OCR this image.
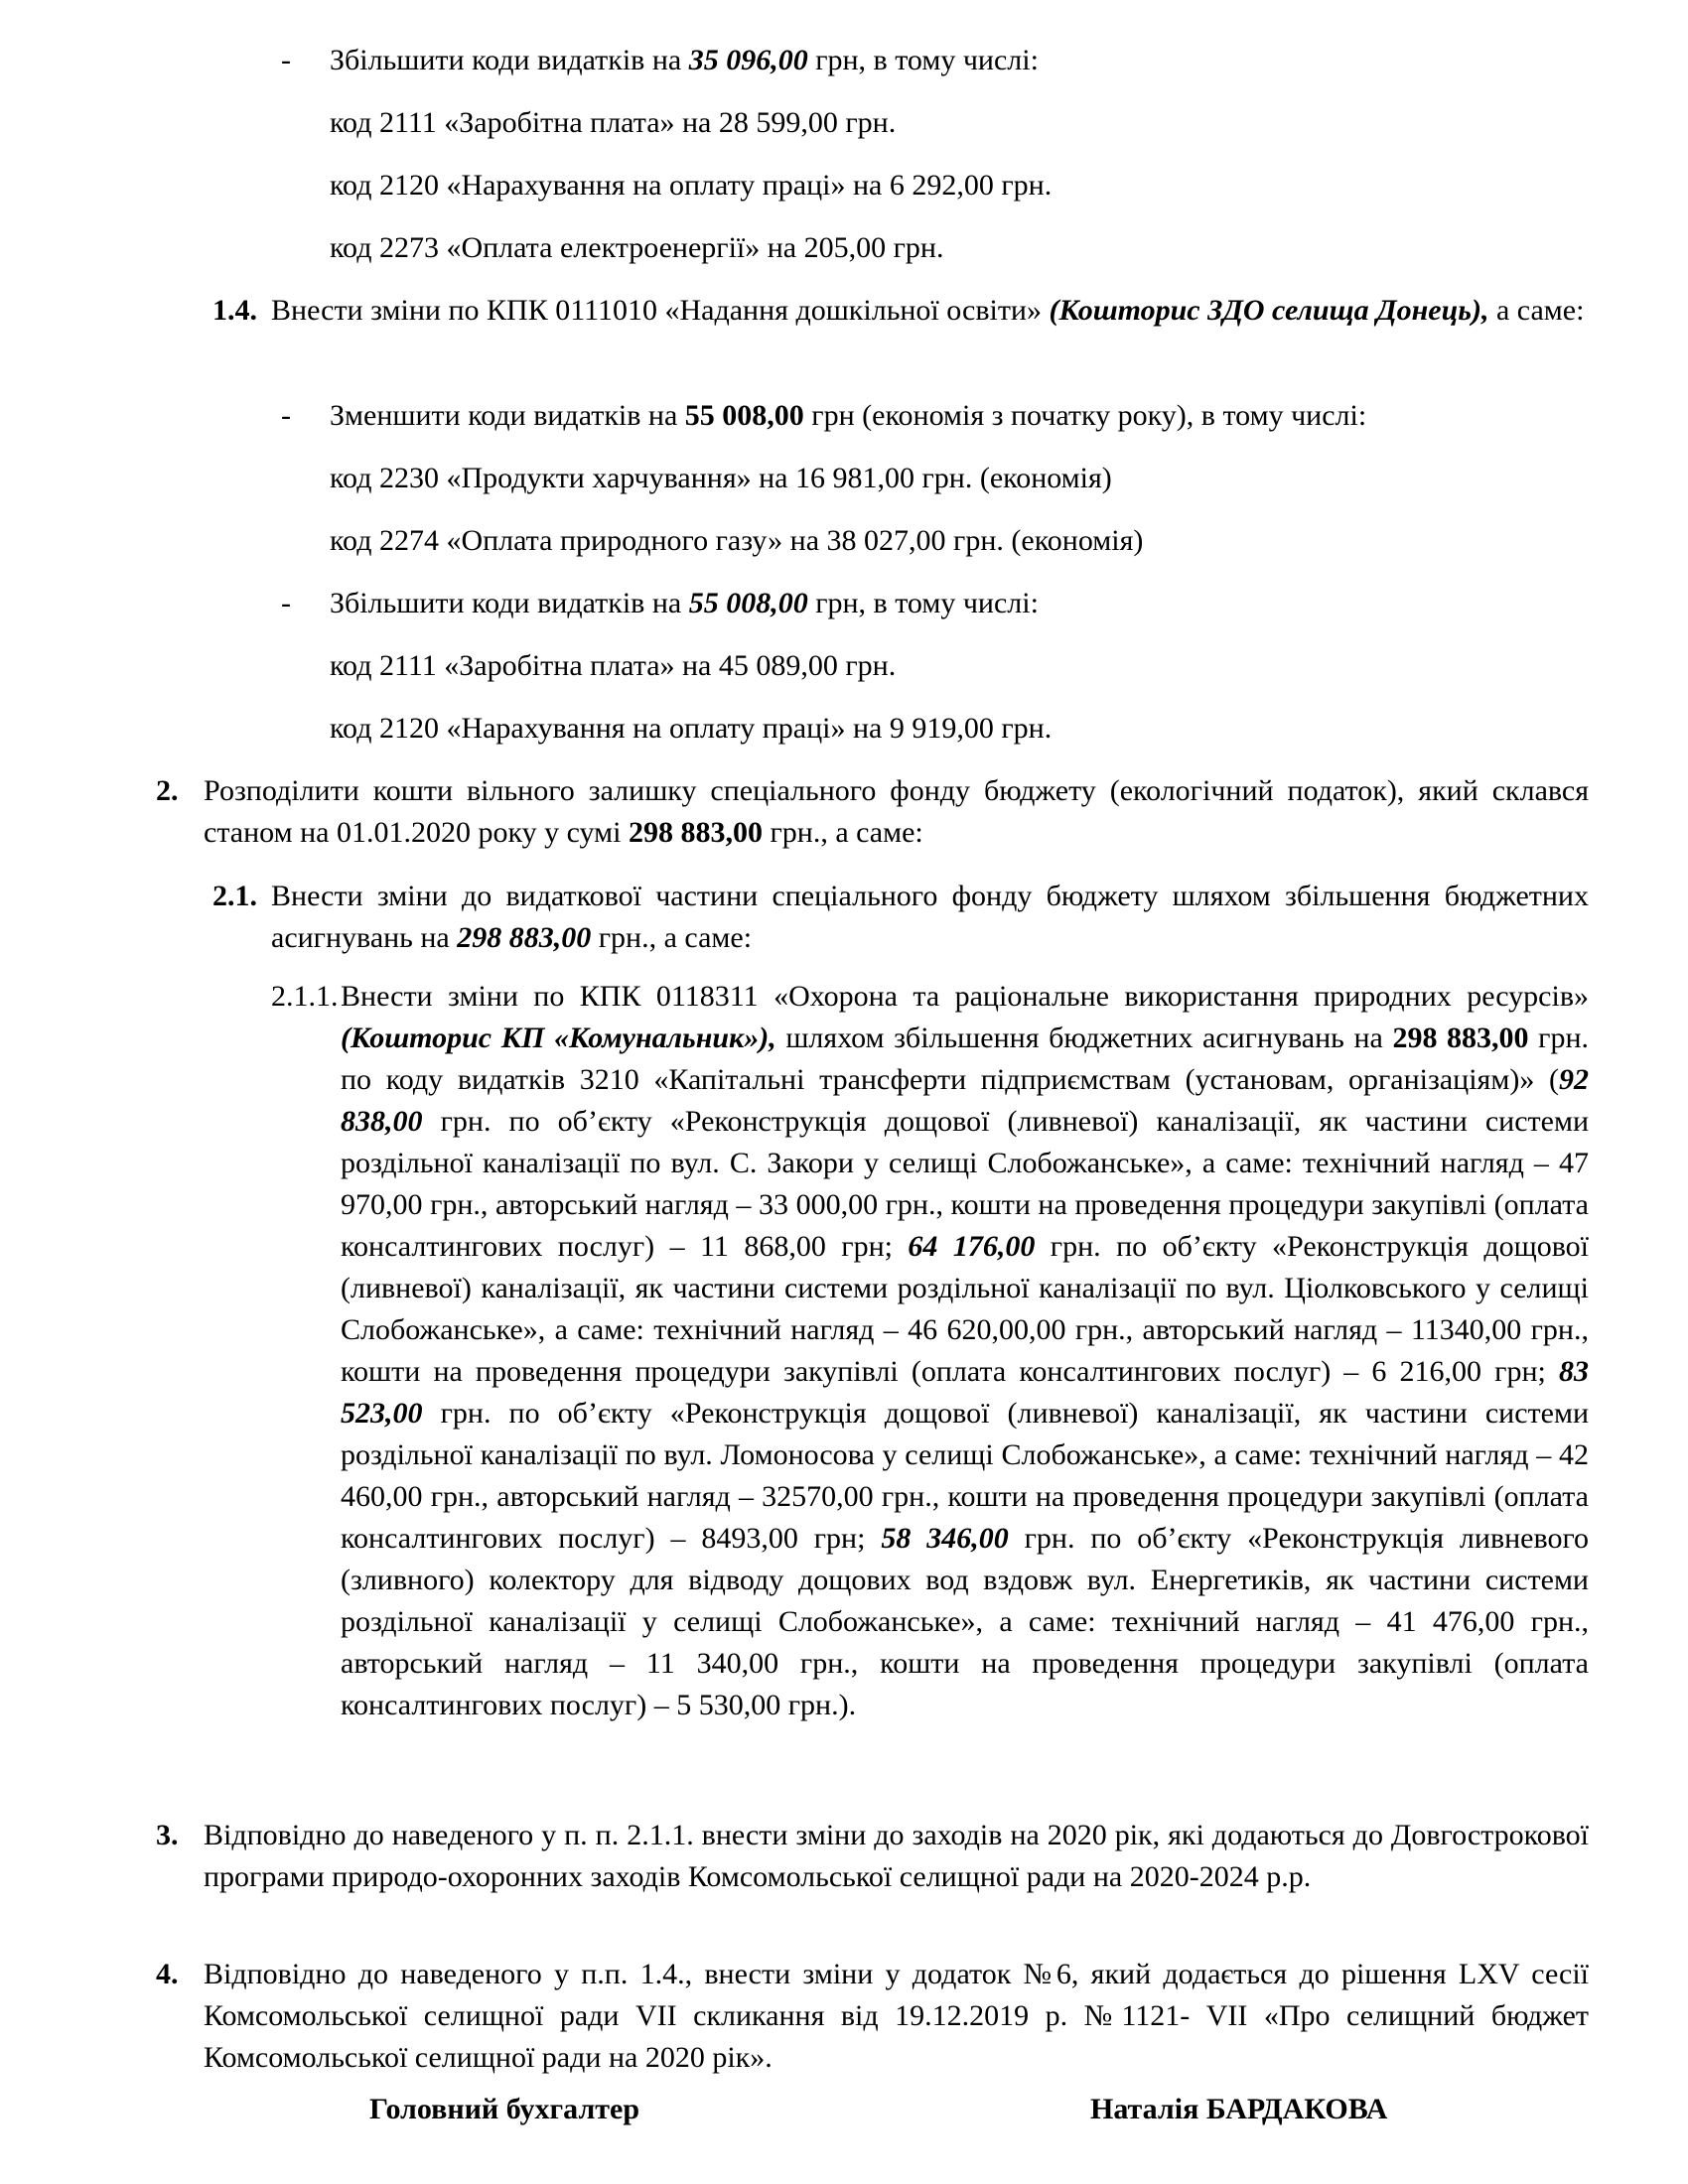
- Збільшити коди видатків на 35 096,00 грн, в тому числі:
код 2111 «Заробітна плата» на 28 599,00 грн.
код 2120 «Нарахування на оплату праці» на 6 292,00 грн.
код 2273 «Оплата електроенергії» на 205,00 грн.
1.4. Внести зміни по КПК 0111010 «Надання дошкільної освіти» (Кошторис ЗДО селища Донець), а саме:
- Зменшити коди видатків на 55 008,00 грн (економія з початку року), в тому числі:
код 2230 «Продукти харчування» на 16 981,00 грн. (економія)
код 2274 «Оплата природного газу» на 38 027,00 грн. (економія)
- Збільшити коди видатків на 55 008,00 грн, в тому числі:
код 2111 «Заробітна плата» на 45 089,00 грн.
код 2120 «Нарахування на оплату праці» на 9 919,00 грн.
2. Розподілити кошти вільного залишку спеціального фонду бюджету (екологічний податок), який склався станом на 01.01.2020 року у сумі 298 883,00 грн., а саме:
2.1. Внести зміни до видаткової частини спеціального фонду бюджету шляхом збільшення бюджетних асигнувань на 298 883,00 грн., а саме:
2.1.1. Внести зміни по КПК 0118311 «Охорона та раціональне використання природних ресурсів» (Кошторис КП «Комунальник»), шляхом збільшення бюджетних асигнувань на 298 883,00 грн. по коду видатків 3210 «Капітальні трансферти підприємствам (установам, організаціям)» (92 838,00 грн. по об’єкту «Реконструкція дощової (ливневої) каналізації, як частини системи роздільної каналізації по вул. С. Закори у селищі Слобожанське», а саме: технічний нагляд – 47 970,00 грн., авторський нагляд – 33 000,00 грн., кошти на проведення процедури закупівлі (оплата консалтингових послуг) – 11 868,00 грн; 64 176,00 грн. по об’єкту «Реконструкція дощової (ливневої) каналізації, як частини системи роздільної каналізації по вул. Ціолковського у селищі Слобожанське», а саме: технічний нагляд – 46 620,00,00 грн., авторський нагляд – 11340,00 грн., кошти на проведення процедури закупівлі (оплата консалтингових послуг) – 6 216,00 грн; 83 523,00 грн. по об’єкту «Реконструкція дощової (ливневої) каналізації, як частини системи роздільної каналізації по вул. Ломоносова у селищі Слобожанське», а саме: технічний нагляд – 42 460,00 грн., авторський нагляд – 32570,00 грн., кошти на проведення процедури закупівлі (оплата консалтингових послуг) – 8493,00 грн; 58 346,00 грн. по об’єкту «Реконструкція ливневого (зливного) колектору для відводу дощових вод вздовж вул. Енергетиків, як частини системи роздільної каналізації у селищі Слобожанське», а саме: технічний нагляд – 41 476,00 грн., авторський нагляд – 11 340,00 грн., кошти на проведення процедури закупівлі (оплата консалтингових послуг) – 5 530,00 грн.).
3. Відповідно до наведеного у п. п. 2.1.1. внести зміни до заходів на 2020 рік, які додаються до Довгострокової програми природо-охоронних заходів Комсомольської селищної ради на 2020-2024 р.р.
4. Відповідно до наведеного у п.п. 1.4., внести зміни у додаток №6, який додається до рішення LXV сесії Комсомольської селищної ради VII скликання від 19.12.2019 р. №1121- VII «Про селищний бюджет Комсомольської селищної ради на 2020 рік».
Головний бухгалтер	Наталія БАРДАКОВА
